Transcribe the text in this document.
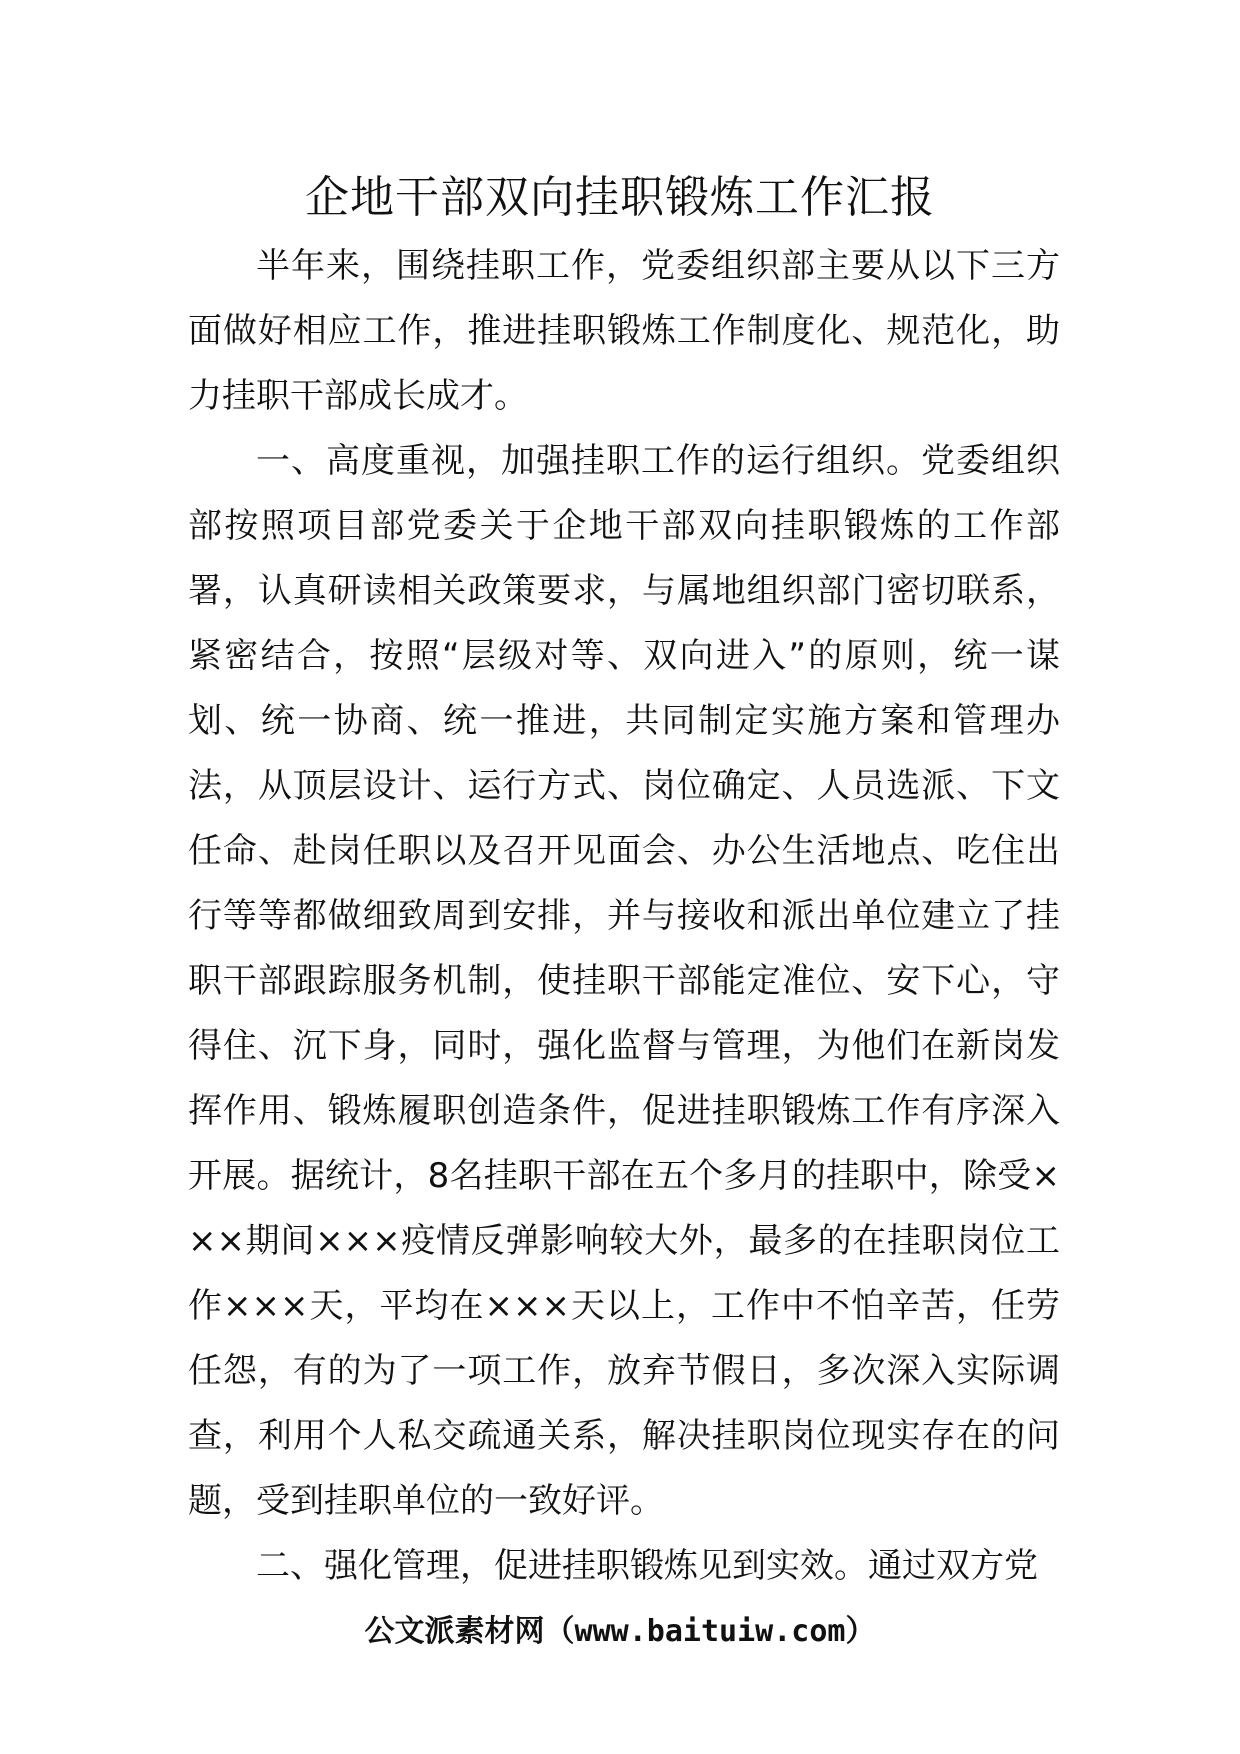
企地干部双向挂职锻炼工作汇报

半年来，围绕挂职工作，党委组织部主要从以下三方面做好相应工作，推进挂职锻炼工作制度化、规范化，助力挂职干部成长成才。

一、高度重视，加强挂职工作的运行组织。党委组织部按照项目部党委关于企地干部双向挂职锻炼的工作部署，认真研读相关政策要求，与属地组织部门密切联系，紧密结合，按照“层级对等、双向进入”的原则，统一谋划、统一协商、统一推进，共同制定实施方案和管理办法，从顶层设计、运行方式、岗位确定、人员选派、下文任命、赴岗任职以及召开见面会、办公生活地点、吃住出行等等都做细致周到安排，并与接收和派出单位建立了挂职干部跟踪服务机制，使挂职干部能定准位、安下心，守得住、沉下身，同时，强化监督与管理，为他们在新岗发挥作用、锻炼履职创造条件，促进挂职锻炼工作有序深入开展。据统计，8名挂职干部在五个多月的挂职中，除受×××期间×××疫情反弹影响较大外，最多的在挂职岗位工作×××天，平均在×××天以上，工作中不怕辛苦，任劳任怨，有的为了一项工作，放弃节假日，多次深入实际调查，利用个人私交疏通关系，解决挂职岗位现实存在的问题，受到挂职单位的一致好评。

二、强化管理，促进挂职锻炼见到实效。通过双方党

公文派素材网（www.baituiw.com）
